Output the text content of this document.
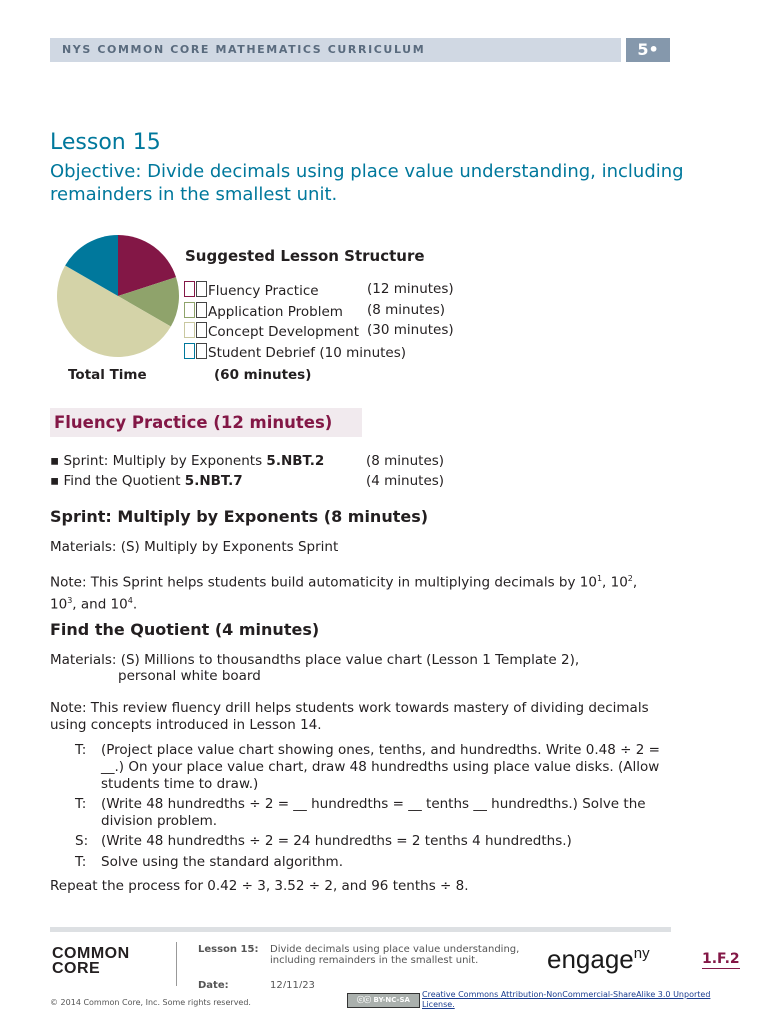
NYS COMMON CORE MATHEMATICS CURRICULUM	5•
Lesson 15
Objective: Divide decimals using place value understanding, including remainders in the smallest unit.
Suggested Lesson Structure
Fluency Practice	(12 minutes)
Application Problem (8 minutes)
Concept Development (30 minutes)
Student Debrief (10 minutes)
Total Time	(60 minutes)
Fluency Practice (12 minutes)
▪ Sprint: Multiply by Exponents 5.NBT.2	(8 minutes)
▪ Find the Quotient 5.NBT.7	(4 minutes)
Sprint: Multiply by Exponents (8 minutes)
Materials: (S) Multiply by Exponents Sprint
Note: This Sprint helps students build automaticity in multiplying decimals by $10^1$, $10^2$,
$10^3$, and $10^4$.
Find the Quotient (4 minutes)
Materials: (S) Millions to thousandths place value chart (Lesson 1 Template 2),
personal white board
Note: This review fluency drill helps students work towards mastery of dividing decimals using concepts introduced in Lesson 14.
T: (Project place value chart showing ones, tenths, and hundredths. Write 0.48 ÷ 2 = __.) On your place value chart, draw 48 hundredths using place value disks. (Allow students time to draw.)
T: (Write 48 hundredths ÷ 2 = __ hundredths = __ tenths __ hundredths.) Solve the division problem.
S: (Write 48 hundredths ÷ 2 = 24 hundredths = 2 tenths 4 hundredths.)
T: Solve using the standard algorithm.
Repeat the process for 0.42 ÷ 3, 3.52 ÷ 2, and 96 tenths ÷ 8.
COMMON
CORE
Lesson 15: Divide decimals using place value understanding, including remainders in the smallest unit.
Date:	12/11/23
engage$^{ny}$	1.F.2
© 2014 Common Core, Inc. Some rights reserved.	ⓒⓒ BY-NC-SA
Creative Commons Attribution-NonCommercial-ShareAlike 3.0 Unported License.
